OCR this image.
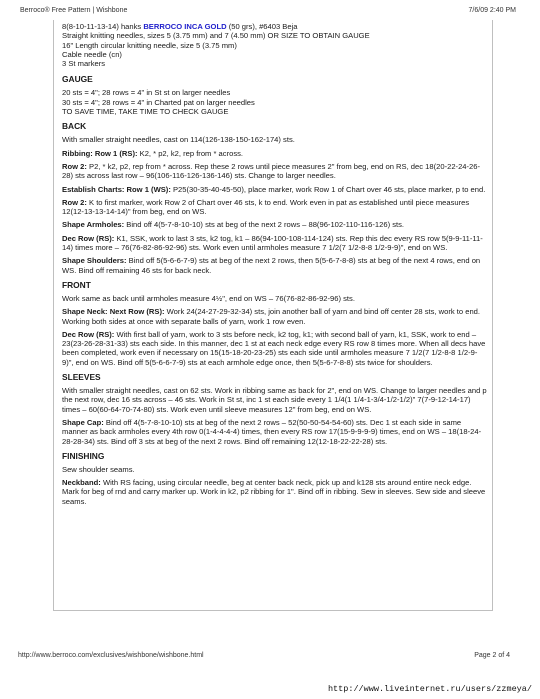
Berroco® Free Pattern | Wishbone	7/6/09 2:40 PM

8(8-10-11-13-14) hanks BERROCO INCA GOLD (50 grs), #6403 Beja

Straight knitting needles, sizes 5 (3.75 mm) and 7 (4.50 mm) OR SIZE TO OBTAIN GAUGE

16" Length circular knitting needle, size 5 (3.75 mm)

Cable needle (cn)

3 St markers

GAUGE

20 sts = 4"; 28 rows = 4" in St st on larger needles

30 sts = 4"; 28 rows = 4" in Charted pat on larger needles

TO SAVE TIME, TAKE TIME TO CHECK GAUGE

BACK

With smaller straight needles, cast on 114(126-138-150-162-174) sts.

Ribbing: Row 1 (RS): K2, * p2, k2, rep from * across.

Row 2: P2, * k2, p2, rep from * across. Rep these 2 rows until piece measures 2" from beg, end on RS, dec 18(20-22-24-26-28) sts across last row – 96(106-116-126-136-146) sts. Change to larger needles.

Establish Charts: Row 1 (WS): P25(30-35-40-45-50), place marker, work Row 1 of Chart over 46 sts, place marker, p to end.

Row 2: K to first marker, work Row 2 of Chart over 46 sts, k to end. Work even in pat as established until piece measures 12(12-13-13-14-14)" from beg, end on WS.

Shape Armholes: Bind off 4(5-7-8-10-10) sts at beg of the next 2 rows – 88(96-102-110-116-126) sts.

Dec Row (RS): K1, SSK, work to last 3 sts, k2 tog, k1 – 86(94-100-108-114-124) sts. Rep this dec every RS row 5(9-9-11-11-14) times more – 76(76-82-86-92-96) sts. Work even until armholes measure 7 1/2(7 1/2-8-8 1/2-9-9)", end on WS.

Shape Shoulders: Bind off 5(5-6-6-7-9) sts at beg of the next 2 rows, then 5(5-6-7-8-8) sts at beg of the next 4 rows, end on WS. Bind off remaining 46 sts for back neck.

FRONT

Work same as back until armholes measure 4½", end on WS – 76(76-82-86-92-96) sts.

Shape Neck: Next Row (RS): Work 24(24-27-29-32-34) sts, join another ball of yarn and bind off center 28 sts, work to end. Working both sides at once with separate balls of yarn, work 1 row even.

Dec Row (RS): With first ball of yarn, work to 3 sts before neck, k2 tog, k1; with second ball of yarn, k1, SSK, work to end – 23(23-26-28-31-33) sts each side. In this manner, dec 1 st at each neck edge every RS row 8 times more. When all decs have been completed, work even if necessary on 15(15-18-20-23-25) sts each side until armholes measure 7 1/2(7 1/2-8-8 1/2-9-9)", end on WS. Bind off 5(5-6-6-7-9) sts at each armhole edge once, then 5(5-6-7-8-8) sts twice for shoulders.

SLEEVES

With smaller straight needles, cast on 62 sts. Work in ribbing same as back for 2", end on WS. Change to larger needles and p the next row, dec 16 sts across – 46 sts. Work in St st, inc 1 st each side every 1 1/4(1 1/4-1-3/4-1/2-1/2)" 7(7-9-12-14-17) times – 60(60-64-70-74-80) sts. Work even until sleeve measures 12" from beg, end on WS.

Shape Cap: Bind off 4(5-7-8-10-10) sts at beg of the next 2 rows – 52(50-50-54-54-60) sts. Dec 1 st each side in same manner as back armholes every 4th row 0(1-4-4-4-4) times, then every RS row 17(15-9-9-9-9) times, end on WS – 18(18-24-28-28-34) sts. Bind off 3 sts at beg of the next 2 rows. Bind off remaining 12(12-18-22-22-28) sts.

FINISHING

Sew shoulder seams.

Neckband: With RS facing, using circular needle, beg at center back neck, pick up and k128 sts around entire neck edge. Mark for beg of rnd and carry marker up. Work in k2, p2 ribbing for 1". Bind off in ribbing. Sew in sleeves. Sew side and sleeve seams.

http://www.berroco.com/exclusives/wishbone/wishbone.html	Page 2 of 4
http://www.liveinternet.ru/users/zzmeya/
